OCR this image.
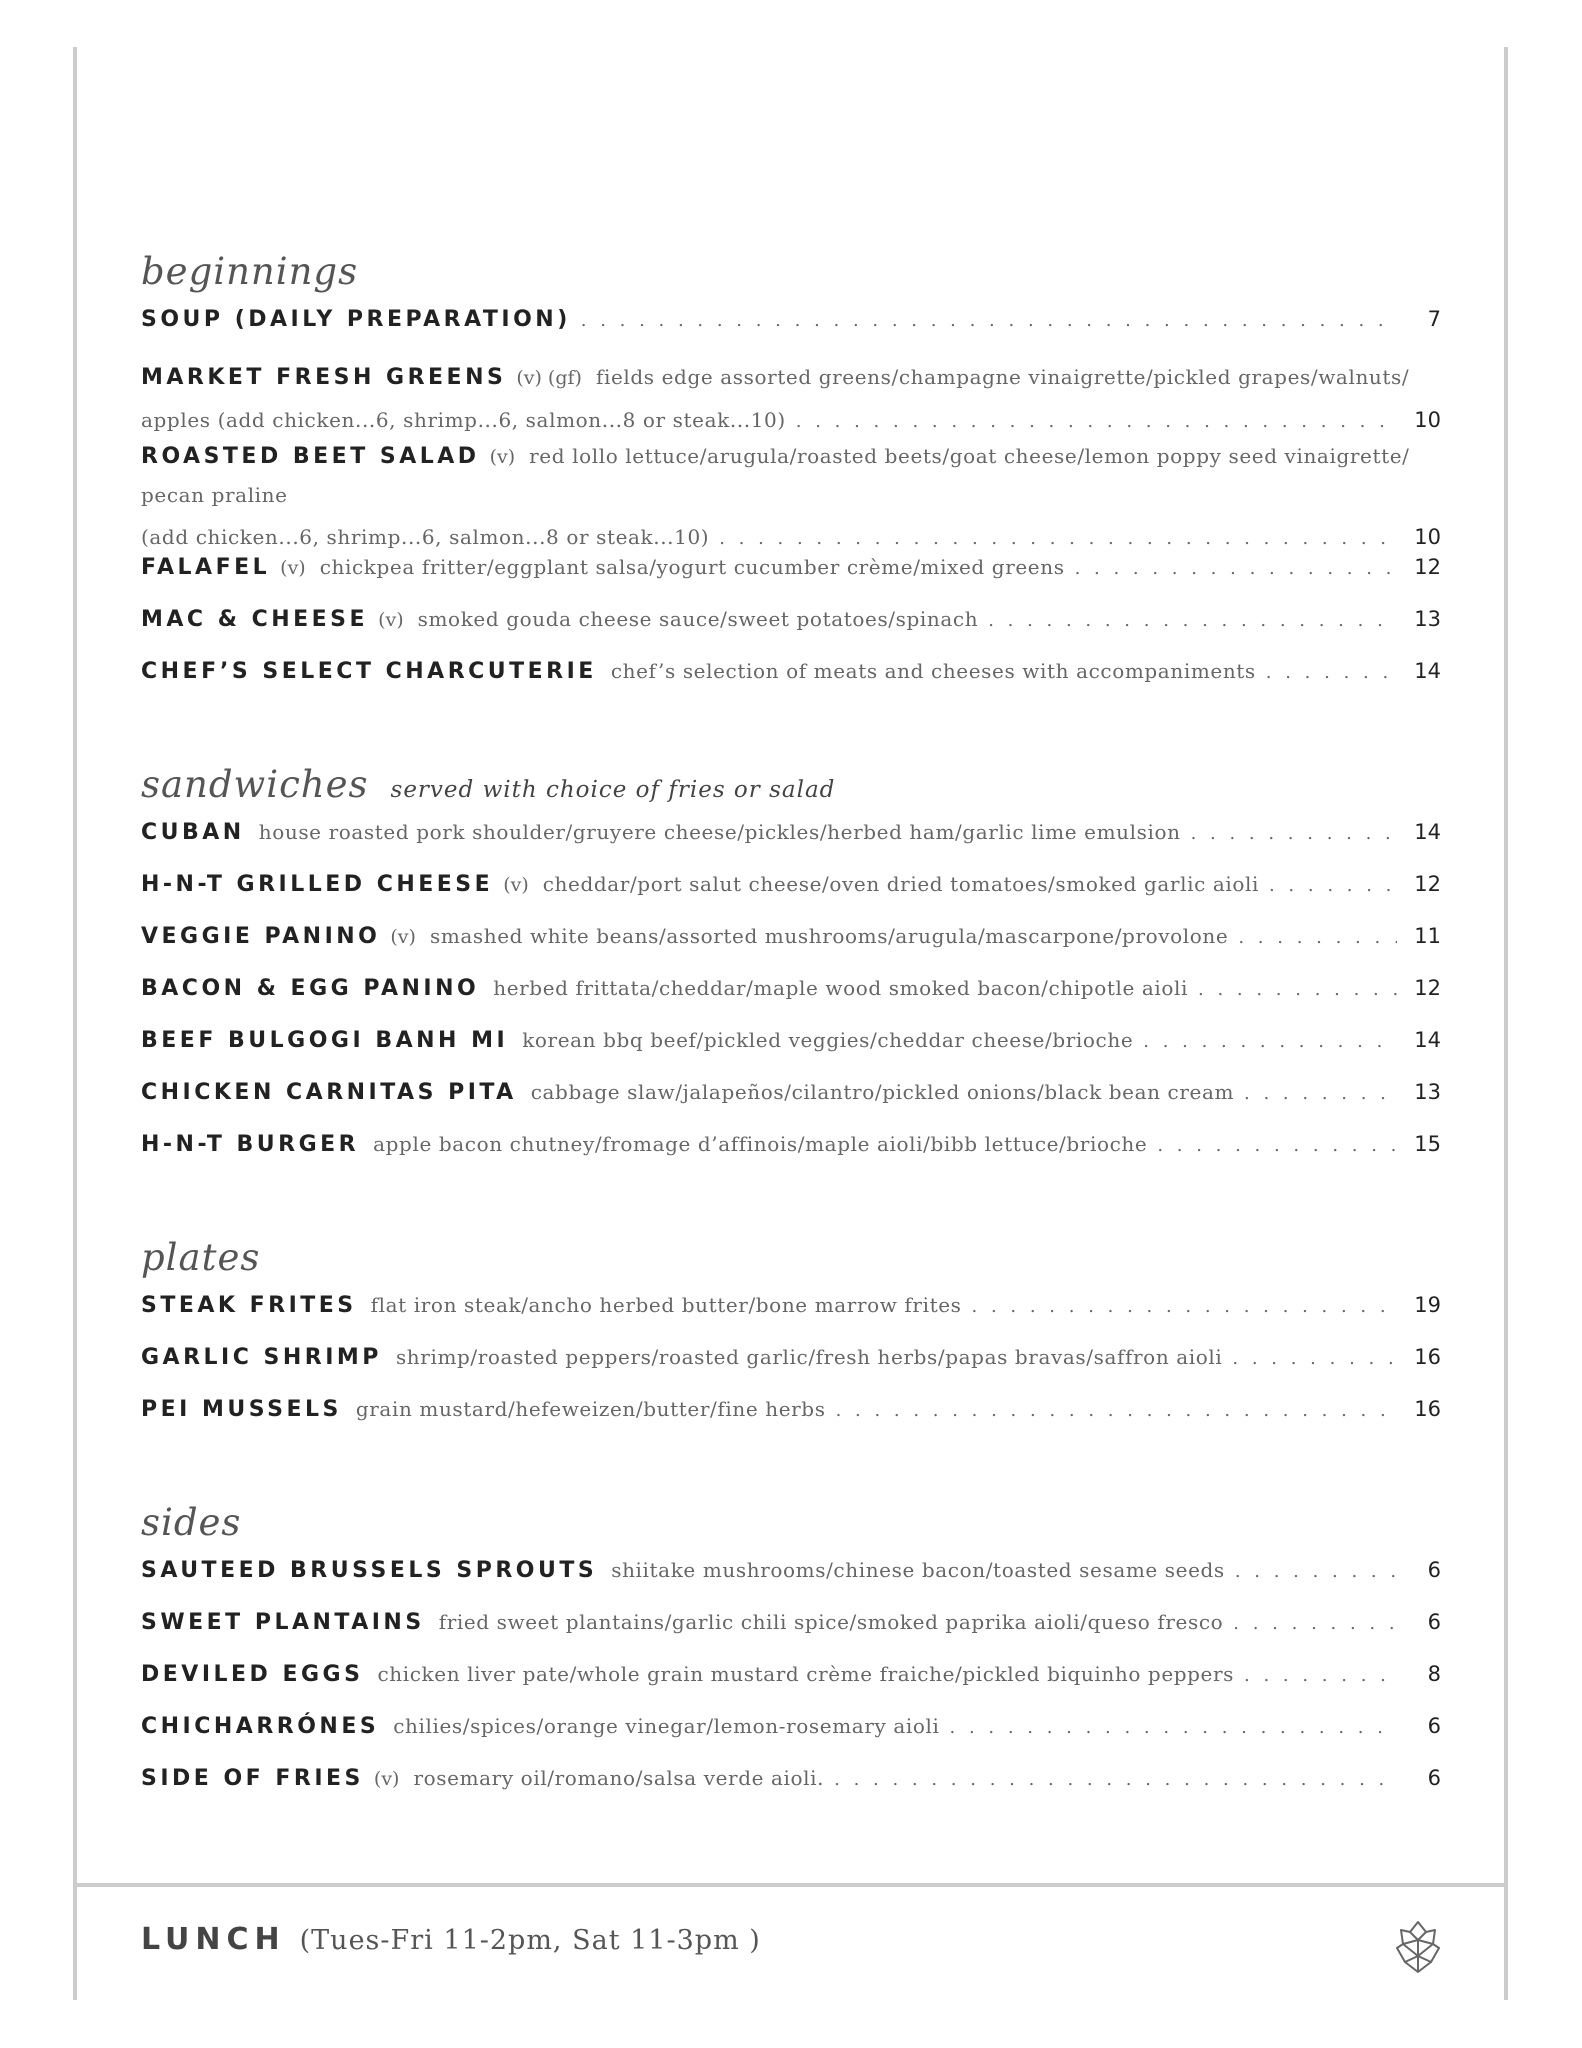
beginnings
SOUP (DAILY PREPARATION) . . .	7
MARKET FRESH GREENS (v) (gf) fields edge assorted greens/champagne vinaigrette/pickled grapes/walnuts/
apples (add chicken...6, shrimp...6, salmon...8 or steak...10) . . .	10
ROASTED BEET SALAD (v) red lollo lettuce/arugula/roasted beets/goat cheese/lemon poppy seed vinaigrette/
pecan praline
(add chicken...6, shrimp...6, salmon...8 or steak...10) . . .	10
FALAFEL (v) chickpea fritter/eggplant salsa/yogurt cucumber crème/mixed greens . . .	12
MAC & CHEESE (v) smoked gouda cheese sauce/sweet potatoes/spinach . . .	13
CHEF’S SELECT CHARCUTERIE chef’s selection of meats and cheeses with accompaniments . . .	14
sandwiches served with choice of fries or salad
CUBAN house roasted pork shoulder/gruyere cheese/pickles/herbed ham/garlic lime emulsion . . .	14
H-N-T GRILLED CHEESE (v) cheddar/port salut cheese/oven dried tomatoes/smoked garlic aioli . . .	12
VEGGIE PANINO (v) smashed white beans/assorted mushrooms/arugula/mascarpone/provolone . . .	11
BACON & EGG PANINO herbed frittata/cheddar/maple wood smoked bacon/chipotle aioli . . .	12
BEEF BULGOGI BANH MI korean bbq beef/pickled veggies/cheddar cheese/brioche . . .	14
CHICKEN CARNITAS PITA cabbage slaw/jalapeños/cilantro/pickled onions/black bean cream . . .	13
H-N-T BURGER apple bacon chutney/fromage d’affinois/maple aioli/bibb lettuce/brioche . . .	15
plates
STEAK FRITES flat iron steak/ancho herbed butter/bone marrow frites . . .	19
GARLIC SHRIMP shrimp/roasted peppers/roasted garlic/fresh herbs/papas bravas/saffron aioli . . .	16
PEI MUSSELS grain mustard/hefeweizen/butter/fine herbs . . .	16
sides
SAUTEED BRUSSELS SPROUTS shiitake mushrooms/chinese bacon/toasted sesame seeds . . .	6
SWEET PLANTAINS fried sweet plantains/garlic chili spice/smoked paprika aioli/queso fresco . . .	6
DEVILED EGGS chicken liver pate/whole grain mustard crème fraiche/pickled biquinho peppers . . .	8
CHICHARRÓNES chilies/spices/orange vinegar/lemon-rosemary aioli . . .	6
SIDE OF FRIES (v) rosemary oil/romano/salsa verde aioli. . . .	6
LUNCH (Tues-Fri 11-2pm, Sat 11-3pm )
